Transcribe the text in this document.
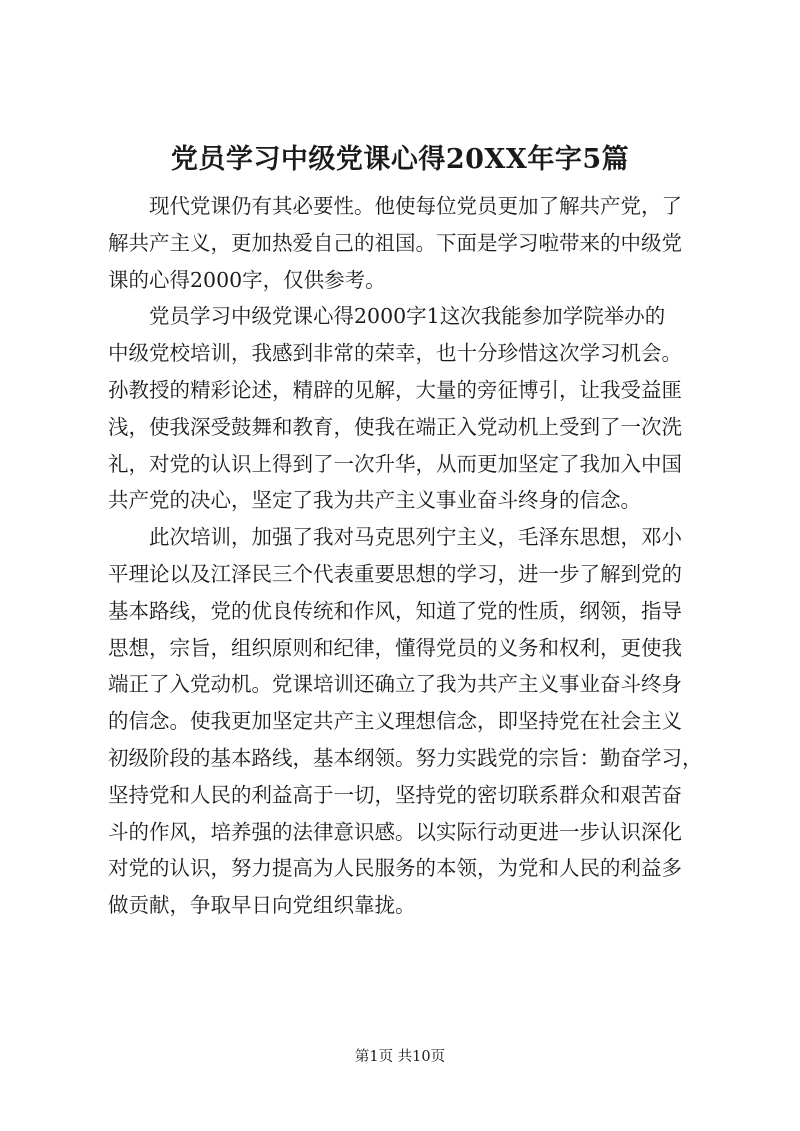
党员学习中级党课心得20XX年字5篇
现代党课仍有其必要性。他使每位党员更加了解共产党，了
解共产主义，更加热爱自己的祖国。下面是学习啦带来的中级党
课的心得2000字，仅供参考。
党员学习中级党课心得2000字1这次我能参加学院举办的
中级党校培训，我感到非常的荣幸，也十分珍惜这次学习机会。
孙教授的精彩论述，精辟的见解，大量的旁征博引，让我受益匪
浅，使我深受鼓舞和教育，使我在端正入党动机上受到了一次洗
礼，对党的认识上得到了一次升华，从而更加坚定了我加入中国
共产党的决心，坚定了我为共产主义事业奋斗终身的信念。
此次培训，加强了我对马克思列宁主义，毛泽东思想，邓小
平理论以及江泽民三个代表重要思想的学习，进一步了解到党的
基本路线，党的优良传统和作风，知道了党的性质，纲领，指导
思想，宗旨，组织原则和纪律，懂得党员的义务和权利，更使我
端正了入党动机。党课培训还确立了我为共产主义事业奋斗终身
的信念。使我更加坚定共产主义理想信念，即坚持党在社会主义
初级阶段的基本路线，基本纲领。努力实践党的宗旨：勤奋学习，
坚持党和人民的利益高于一切，坚持党的密切联系群众和艰苦奋
斗的作风，培养强的法律意识感。以实际行动更进一步认识深化
对党的认识，努力提高为人民服务的本领，为党和人民的利益多
做贡献，争取早日向党组织靠拢。
第1页 共10页
